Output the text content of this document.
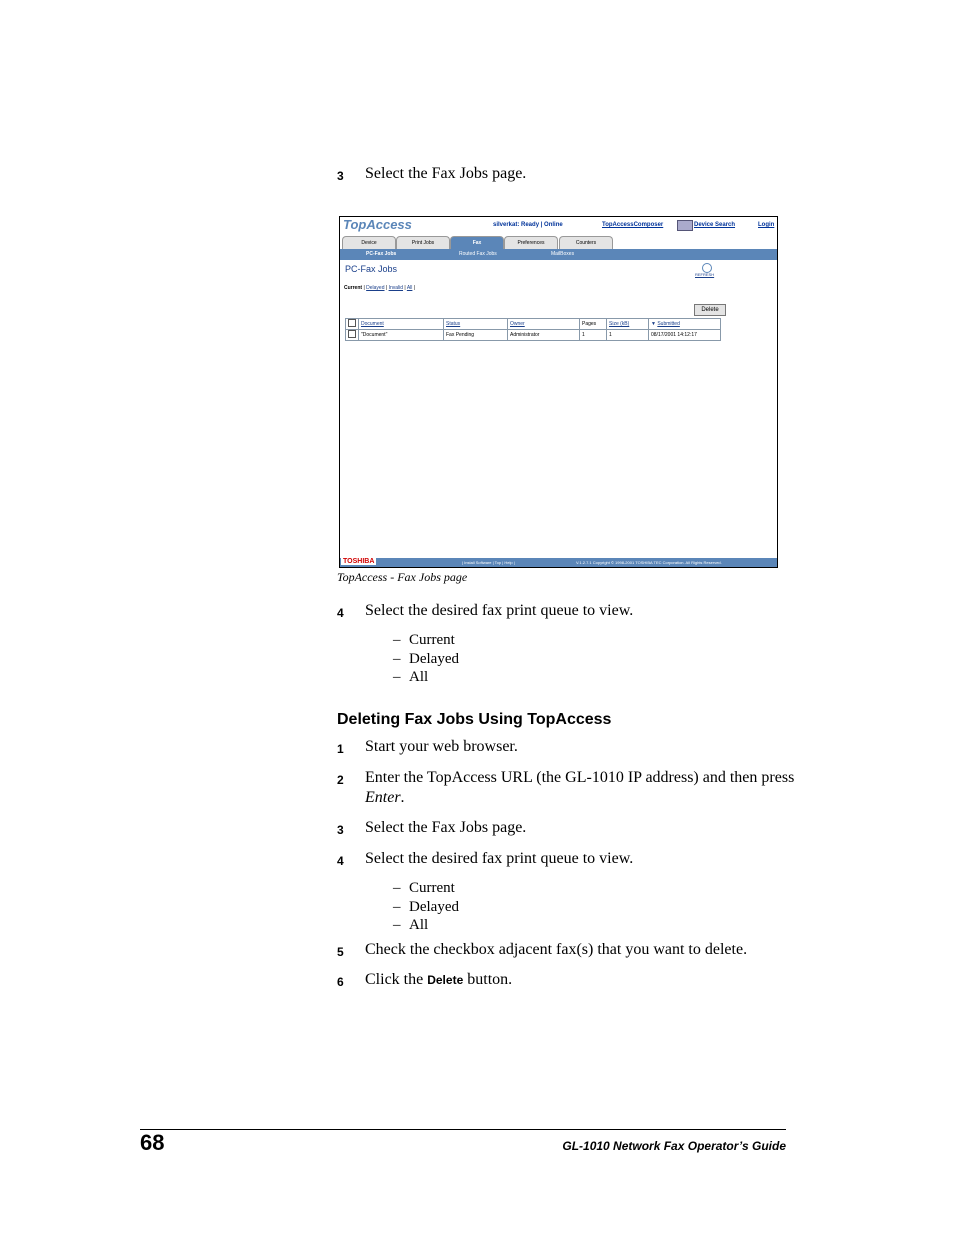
3 Select the Fax Jobs page.
TopAccess	silverkat: Ready | Online	TopAccessComposer	Device Search	Login
Device	Print Jobs	Fax	Preferences	Counters
PC-Fax Jobs	Routed Fax Jobs	MailBoxes
PC-Fax Jobs
REFRESH
Current | Delayed | Invalid | All |
Delete
	Document	Status	Owner	Pages	Size (kB)	▼ Submitted
	"Document"	Fax Pending	Administrator	1	1	08/17/2001 14:12:17
TOSHIBA	| Install Software | Top | Help |	V.1.2.7.1 Copyright © 1998-2001 TOSHIBA TEC Corporation. All Rights Reserved.
TopAccess - Fax Jobs page
4 Select the desired fax print queue to view.
– Current
– Delayed
– All
Deleting Fax Jobs Using TopAccess
1 Start your web browser.
2 Enter the TopAccess URL (the GL-1010 IP address) and then press Enter.
3 Select the Fax Jobs page.
4 Select the desired fax print queue to view.
– Current
– Delayed
– All
5 Check the checkbox adjacent fax(s) that you want to delete.
6 Click the Delete button.
68	GL-1010 Network Fax Operator’s Guide
